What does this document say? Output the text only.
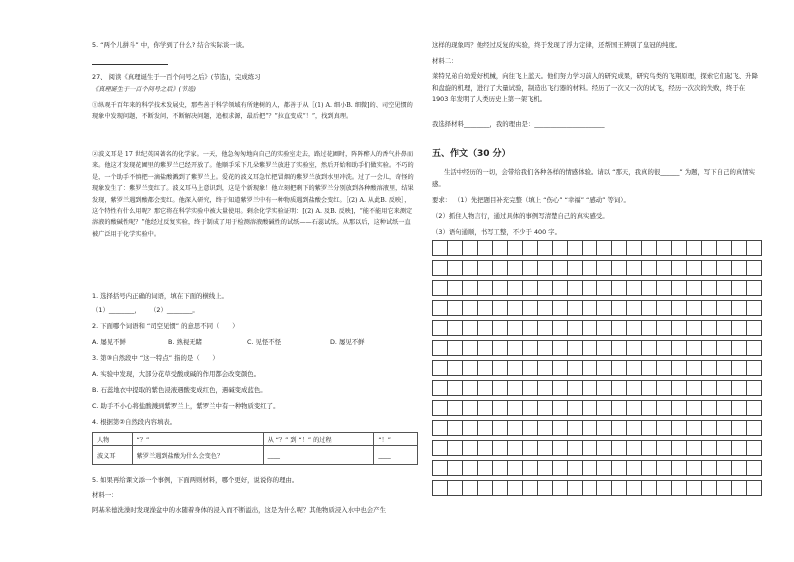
5. “两个儿拼斗” 中，你学到了什么? 结合实际谈一谈。
27、 阅读《真理诞生于一百个问号之后》(节选)，完成练习
《真理诞生于一百个问号之后》(节选)
①纵观千百年来的科学技术发展史，那些善于科学领域有所建树的人，都善于从［(1) A. 细小B. 细微]的、司空见惯的现象中发现问题，不断发问，不断解决问题，追根求源，最后把“？”拉直变成“！”，找到真理。
②波义耳是 17 世纪英国著名的化学家。一天，他急匆匆地向自己的实验室走去，路过花圃时，阵阵醉人的香气扑鼻而来。他这才发现花圃里的紫罗兰已经开放了。他顺手采下几朵紫罗兰放进了实验室，然后开始和助手们做实验。不巧的是，一个助手不慎把一滴盐酸溅到了紫罗兰上。爱花的波义耳急忙把冒烟的紫罗兰放到水里冲洗。过了一会儿，奇怪的现象发生了：紫罗兰变红了。波义耳马上意识到，这是个新现象！他立刻把剩下的紫罗兰分别放到各种酸溶液里，结果发现，紫罗兰遇到酸都会变红。他深入研究，终于知道紫罗兰中有一种物质遇到盐酸会变红。［(2) A. 从此B. 反映］，这个特性有什么用呢？那它将在科学实验中被大量使用。剩余化学实验证明：[(2) A. 及B. 反映]，“能不能用它来测定溶液的酸碱性呢？”他经过反复实验，终于制成了用于检测溶液酸碱性的试纸——石蕊试纸。从那以后，这种试纸一直被广泛用于化学实验中。
1. 选择括号内正确的词语，填在下面的横线上。
（1）________， （2）________。
2. 下面哪个词语和 “司空见惯” 的意思不同（　　）
A. 屡见不鲜	B. 熟视无睹	C. 见怪不怪	D. 屡见不鲜
3. 第③自然段中 “这一特点” 指的是（　　）
A. 实验中发现，大部分花草受酸或碱的作用都会改变颜色。
B. 石蕊地衣中提取的紫色浸液遇酸变成红色，遇碱变成蓝色。
C. 助手不小心将盐酸溅到紫罗兰上，紫罗兰中有一种物质变红了。
4. 根据第②自然段内容填表。
人物	“？”	从 “？” 到 “！” 的过程	“！”
波义耳	紫罗兰遇到盐酸为什么会变色？	____	____
5. 如果再给课文添一个事例，下面两则材料，哪个更好，说说你的理由。
材料一：
阿基米德洗澡时发现澡盆中的水随着身体的浸入而不断溢出，这是为什么呢？其他物质浸入水中也会产生
这样的现象吗？他经过反复的实验，终于发现了浮力定律，还帮国王辨别了皇冠的纯度。
材料二：
莱特兄弟自幼爱好机械，向往飞上蓝天。他们努力学习前人的研究成果，研究鸟类的飞翔原理，探索它们起飞、升降和盘旋的机理，进行了大量试验，制造出飞行器的材料。经历了一次又一次的试飞，经历一次次的失败，终于在 1903 年发明了人类历史上第一架飞机。
我选择材料________，我的理由是：______________________
五、作文（30 分）
生活中经历的一切，会带给我们各种各样的情感体验。请以 “那天，我真的很______” 为题，写下自己的真情实感。
要求： （1）先把题目补充完整（填上 “伤心” “幸福” “感动” 等词）。
（2）抓住人物言行，通过具体的事例写清楚自己的真实感受。
（3）语句通顺，书写工整，不少于 400 字。
